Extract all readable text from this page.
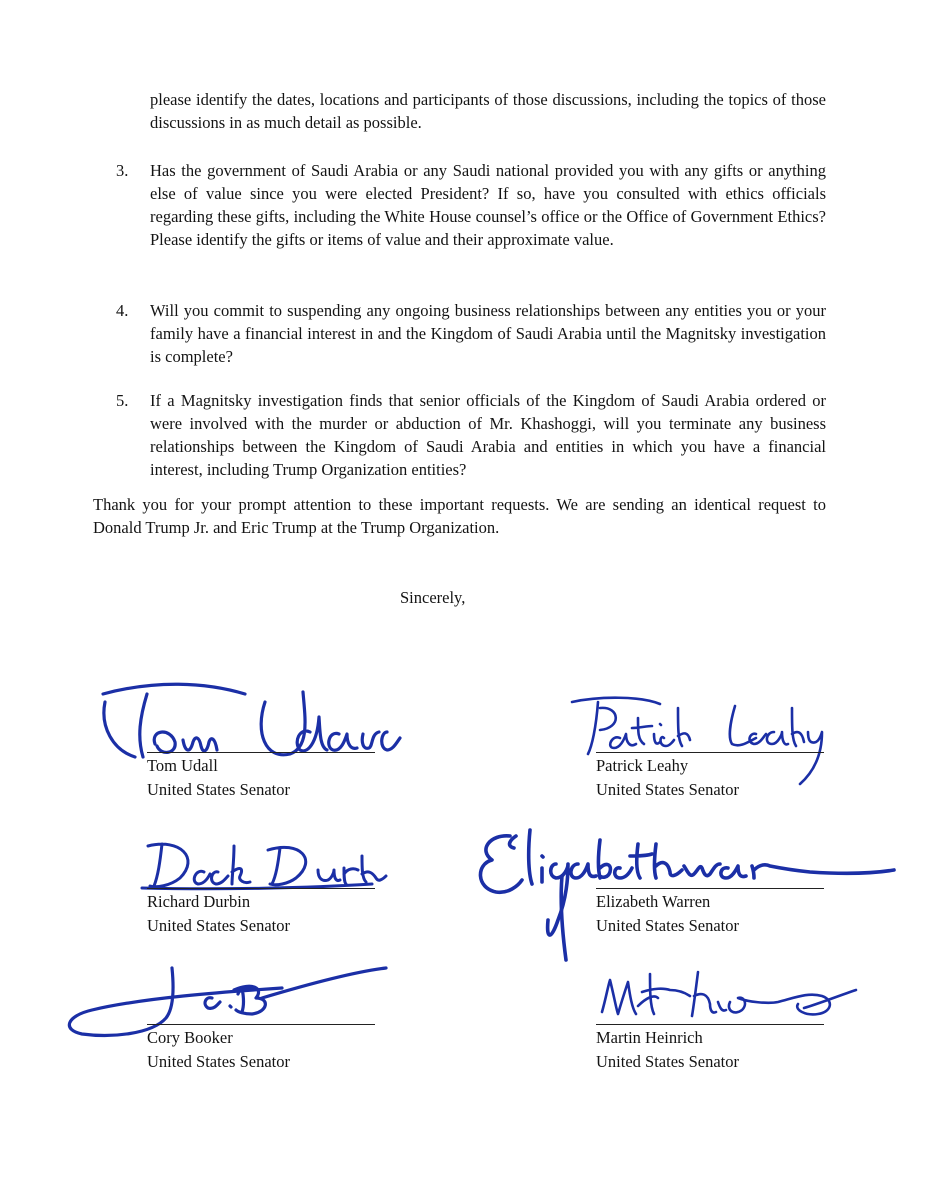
please identify the dates, locations and participants of those discussions, including the topics of those discussions in as much detail as possible.
3.	Has the government of Saudi Arabia or any Saudi national provided you with any gifts or anything else of value since you were elected President? If so, have you consulted with ethics officials regarding these gifts, including the White House counsel’s office or the Office of Government Ethics? Please identify the gifts or items of value and their approximate value.
4.	Will you commit to suspending any ongoing business relationships between any entities you or your family have a financial interest in and the Kingdom of Saudi Arabia until the Magnitsky investigation is complete?
5.	If a Magnitsky investigation finds that senior officials of the Kingdom of Saudi Arabia ordered or were involved with the murder or abduction of Mr. Khashoggi, will you terminate any business relationships between the Kingdom of Saudi Arabia and entities in which you have a financial interest, including Trump Organization entities?
Thank you for your prompt attention to these important requests. We are sending an identical request to Donald Trump Jr. and Eric Trump at the Trump Organization.
Sincerely,
Tom Udall
United States Senator
Patrick Leahy
United States Senator
Richard Durbin
United States Senator
Elizabeth Warren
United States Senator
Cory Booker
United States Senator
Martin Heinrich
United States Senator
